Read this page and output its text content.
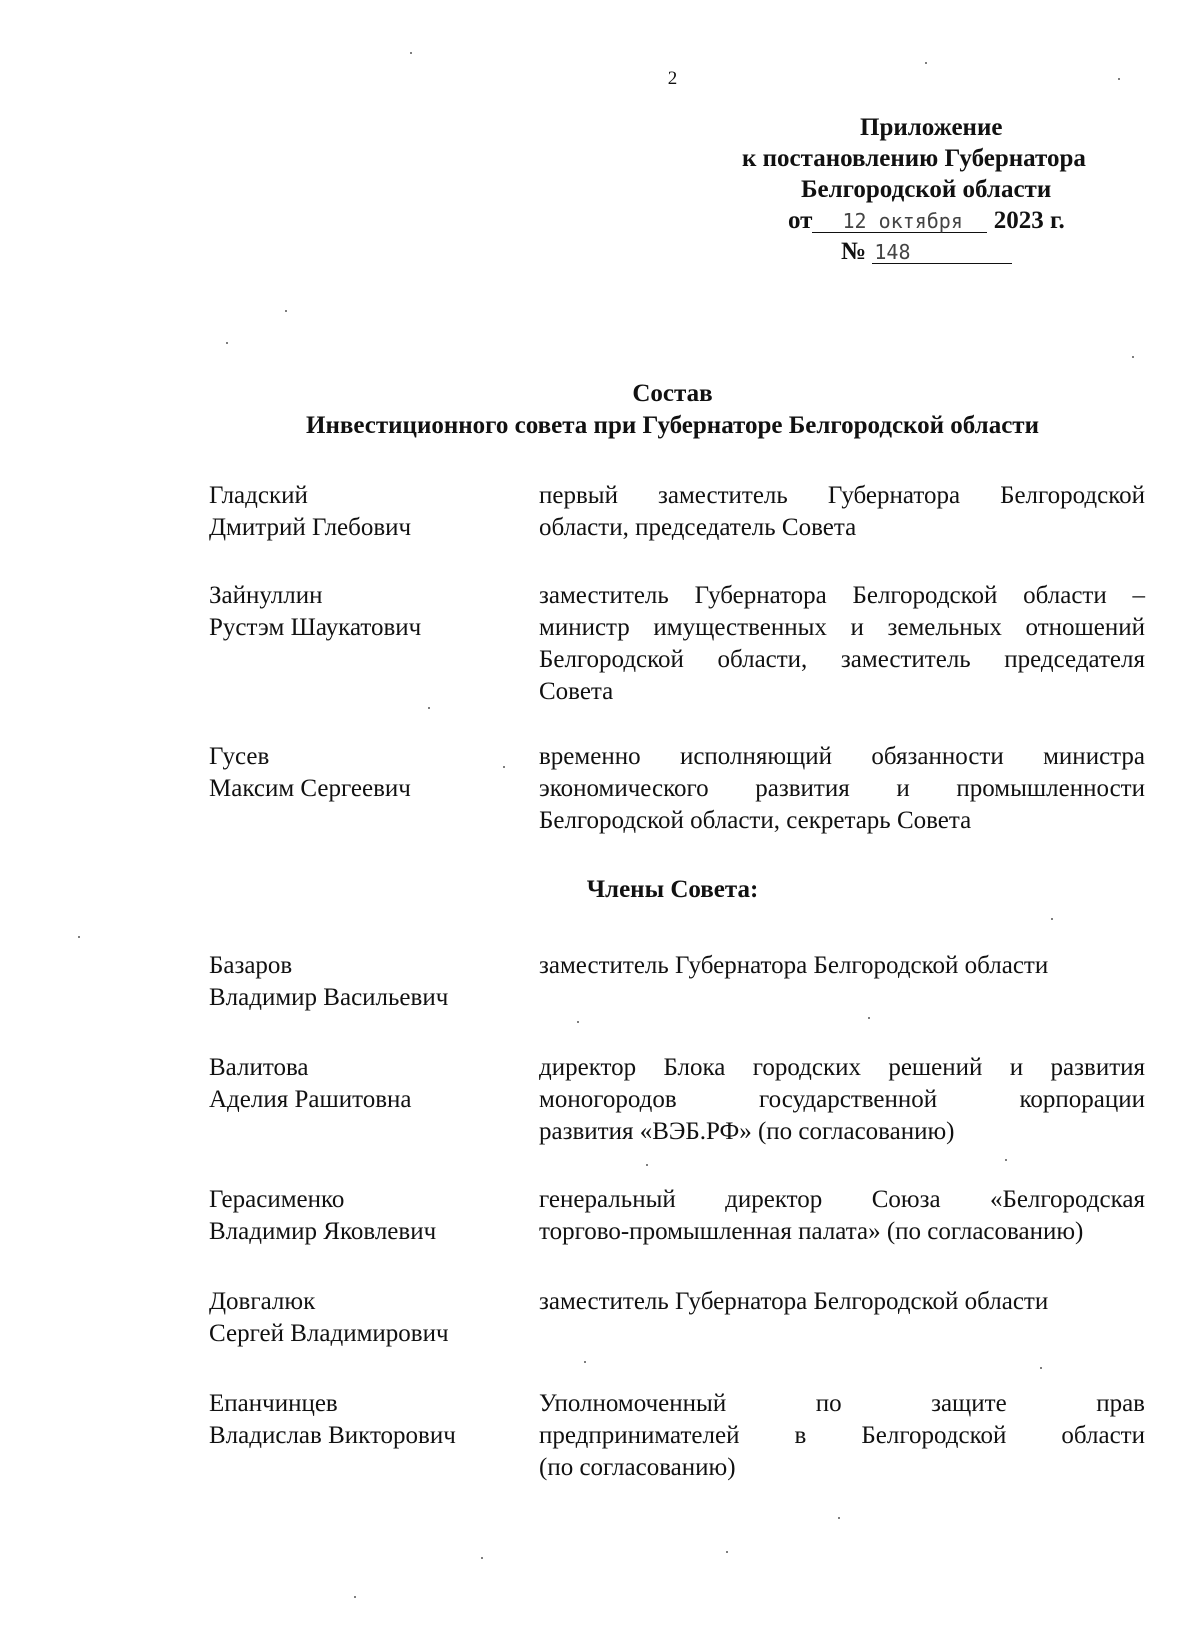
2
Приложение
к постановлению Губернатора
Белгородской области
от 12 октября 2023 г.
№ 148
Состав
Инвестиционного совета при Губернаторе Белгородской области
Гладский
Дмитрий Глебович
первый заместитель Губернатора Белгородской
области, председатель Совета
Зайнуллин
Рустэм Шаукатович
заместитель Губернатора Белгородской области –
министр имущественных и земельных отношений
Белгородской области, заместитель председателя
Совета
Гусев
Максим Сергеевич
временно исполняющий обязанности министра
экономического развития и промышленности
Белгородской области, секретарь Совета
Члены Совета:
Базаров
Владимир Васильевич
заместитель Губернатора Белгородской области
Валитова
Аделия Рашитовна
директор Блока городских решений и развития
моногородов государственной корпорации
развития «ВЭБ.РФ» (по согласованию)
Герасименко
Владимир Яковлевич
генеральный директор Союза «Белгородская
торгово-промышленная палата» (по согласованию)
Довгалюк
Сергей Владимирович
заместитель Губернатора Белгородской области
Епанчинцев
Владислав Викторович
Уполномоченный по защите прав
предпринимателей в Белгородской области
(по согласованию)
